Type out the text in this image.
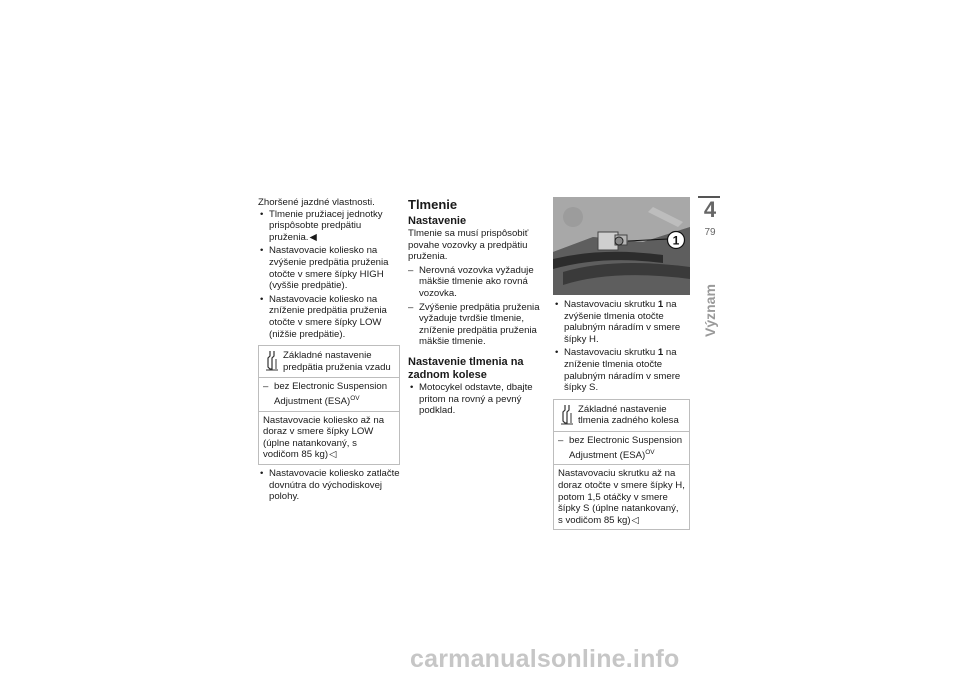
Zhoršené jazdné vlastnosti.

• Tlmenie pružiacej jednotky prispôsobte predpätiu pruženia.◀
• Nastavovacie koliesko na zvýšenie predpätia pruženia otočte v smere šípky HIGH (vyššie predpätie).
• Nastavovacie koliesko na zníženie predpätia pruženia otočte v smere šípky LOW (nižšie predpätie).
Základné nastavenie predpätia pruženia vzadu
– bez Electronic Suspension Adjustment (ESA)$^{OV}$
Nastavovacie koliesko až na doraz v smere šípky LOW (úplne natankovaný, s vodičom 85 kg)◁
• Nastavovacie koliesko zatlačte dovnútra do východiskovej polohy.
Tlmenie
Nastavenie

Tlmenie sa musí prispôsobiť povahe vozovky a predpätiu pruženia.

– Nerovná vozovka vyžaduje mäkšie tlmenie ako rovná vozovka.
– Zvýšenie predpätia pruženia vyžaduje tvrdšie tlmenie, zníženie predpätia pruženia mäkšie tlmenie.
Nastavenie tlmenia na zadnom kolese
• Motocykel odstavte, dbajte pritom na rovný a pevný podklad.
1
• Nastavovaciu skrutku 1 na zvýšenie tlmenia otočte palubným náradím v smere šípky H.
• Nastavovaciu skrutku 1 na zníženie tlmenia otočte palubným náradím v smere šípky S.
Základné nastavenie tlmenia zadného kolesa
– bez Electronic Suspension Adjustment (ESA)$^{OV}$
Nastavovaciu skrutku až na doraz otočte v smere šípky H, potom 1,5 otáčky v smere šípky S (úplne natankovaný, s vodičom 85 kg)◁
4
79
Význam
carmanualsonline.info
